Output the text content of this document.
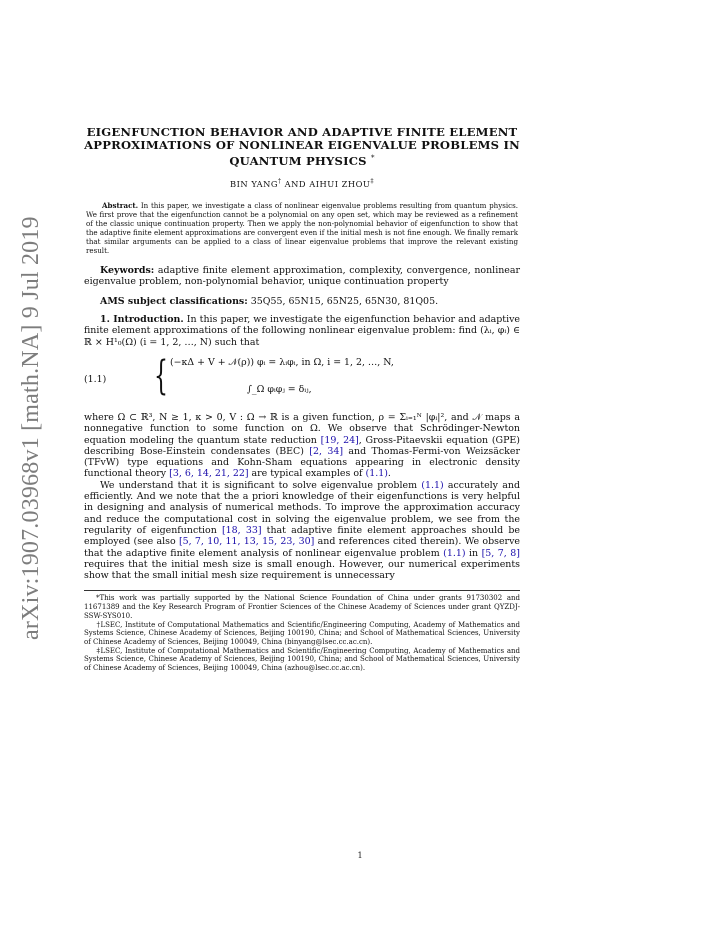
arXiv:1907.03968v1 [math.NA] 9 Jul 2019
EIGENFUNCTION BEHAVIOR AND ADAPTIVE FINITE ELEMENT APPROXIMATIONS OF NONLINEAR EIGENVALUE PROBLEMS IN QUANTUM PHYSICS *
BIN YANG† AND AIHUI ZHOU‡
Abstract. In this paper, we investigate a class of nonlinear eigenvalue problems resulting from quantum physics. We first prove that the eigenfunction cannot be a polynomial on any open set, which may be reviewed as a refinement of the classic unique continuation property. Then we apply the non-polynomial behavior of eigenfunction to show that the adaptive finite element approximations are convergent even if the initial mesh is not fine enough. We finally remark that similar arguments can be applied to a class of linear eigenvalue problems that improve the relevant existing result.

Keywords: adaptive finite element approximation, complexity, convergence, nonlinear eigenvalue problem, non-polynomial behavior, unique continuation property

AMS subject classifications: 35Q55, 65N15, 65N25, 65N30, 81Q05.

1. Introduction. In this paper, we investigate the eigenfunction behavior and adaptive finite element approximations of the following nonlinear eigenvalue problem: find (λᵢ, φᵢ) ∈ ℝ × H¹₀(Ω) (i = 1, 2, …, N) such that

(1.1) { (−κΔ + V + 𝒩(ρ)) φᵢ = λᵢφᵢ, in Ω, i = 1, 2, …, N,
∫_Ω φᵢφⱼ = δᵢⱼ,

where Ω ⊂ ℝ³, N ≥ 1, κ > 0, V : Ω → ℝ is a given function, ρ = Σᵢ₌₁ᴺ |φᵢ|², and 𝒩 maps a nonnegative function to some function on Ω. We observe that Schrödinger-Newton equation modeling the quantum state reduction [19, 24], Gross-Pitaevskii equation (GPE) describing Bose-Einstein condensates (BEC) [2, 34] and Thomas-Fermi-von Weizsäcker (TFvW) type equations and Kohn-Sham equations appearing in electronic density functional theory [3, 6, 14, 21, 22] are typical examples of (1.1).

We understand that it is significant to solve eigenvalue problem (1.1) accurately and efficiently. And we note that the a priori knowledge of their eigenfunctions is very helpful in designing and analysis of numerical methods. To improve the approximation accuracy and reduce the computational cost in solving the eigenvalue problem, we see from the regularity of eigenfunction [18, 33] that adaptive finite element approaches should be employed (see also [5, 7, 10, 11, 13, 15, 23, 30] and references cited therein). We observe that the adaptive finite element analysis of nonlinear eigenvalue problem (1.1) in [5, 7, 8] requires that the initial mesh size is small enough. However, our numerical experiments show that the small initial mesh size requirement is unnecessary

*This work was partially supported by the National Science Foundation of China under grants 91730302 and 11671389 and the Key Research Program of Frontier Sciences of the Chinese Academy of Sciences under grant QYZDJ-SSW-SYS010.

†LSEC, Institute of Computational Mathematics and Scientific/Engineering Computing, Academy of Mathematics and Systems Science, Chinese Academy of Sciences, Beijing 100190, China; and School of Mathematical Sciences, University of Chinese Academy of Sciences, Beijing 100049, China (binyang@lsec.cc.ac.cn).

‡LSEC, Institute of Computational Mathematics and Scientific/Engineering Computing, Academy of Mathematics and Systems Science, Chinese Academy of Sciences, Beijing 100190, China; and School of Mathematical Sciences, University of Chinese Academy of Sciences, Beijing 100049, China (azhou@lsec.cc.ac.cn).

1
